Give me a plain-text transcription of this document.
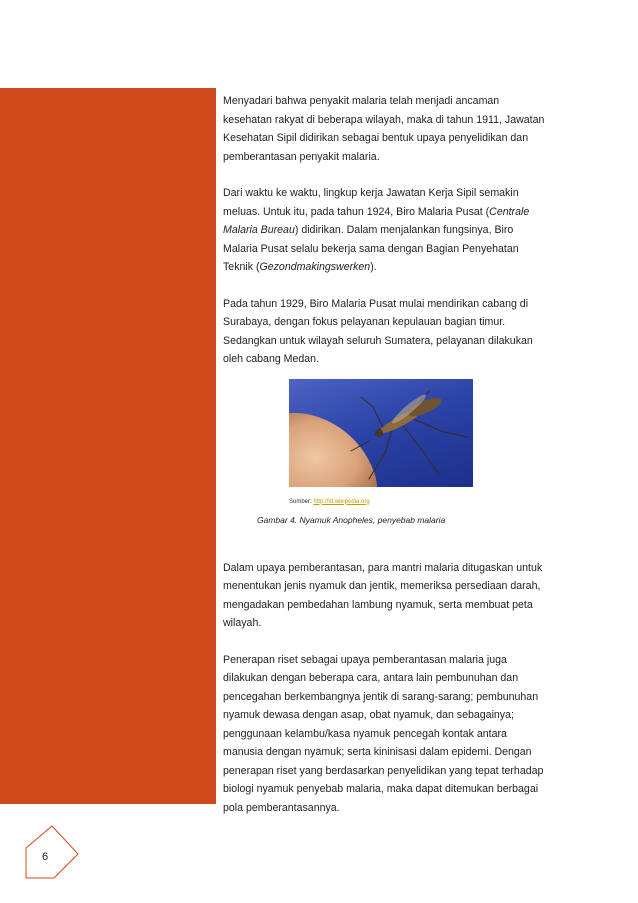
Menyadari bahwa penyakit malaria telah menjadi ancaman kesehatan rakyat di beberapa wilayah, maka di tahun 1911, Jawatan Kesehatan Sipil didirikan sebagai bentuk upaya penyelidikan dan pemberantasan penyakit malaria.

Dari waktu ke waktu, lingkup kerja Jawatan Kerja Sipil semakin meluas. Untuk itu, pada tahun 1924, Biro Malaria Pusat (Centrale Malaria Bureau) didirikan. Dalam menjalankan fungsinya, Biro Malaria Pusat selalu bekerja sama dengan Bagian Penyehatan Teknik (Gezondmakingswerken).

Pada tahun 1929, Biro Malaria Pusat mulai mendirikan cabang di Surabaya, dengan fokus pelayanan kepulauan bagian timur. Sedangkan untuk wilayah seluruh Sumatera, pelayanan dilakukan oleh cabang Medan.

Sumber: http://id.wikipedia.org
Gambar 4. Nyamuk Anopheles, penyebab malaria

Dalam upaya pemberantasan, para mantri malaria ditugaskan untuk menentukan jenis nyamuk dan jentik, memeriksa persediaan darah, mengadakan pembedahan lambung nyamuk, serta membuat peta wilayah.

Penerapan riset sebagai upaya pemberantasan malaria juga dilakukan dengan beberapa cara, antara lain pembunuhan dan pencegahan berkembangnya jentik di sarang-sarang; pembunuhan nyamuk dewasa dengan asap, obat nyamuk, dan sebagainya; penggunaan kelambu/kasa nyamuk pencegah kontak antara manusia dengan nyamuk; serta kininisasi dalam epidemi. Dengan penerapan riset yang berdasarkan penyelidikan yang tepat terhadap biologi nyamuk penyebab malaria, maka dapat ditemukan berbagai pola pemberantasannya.

6
